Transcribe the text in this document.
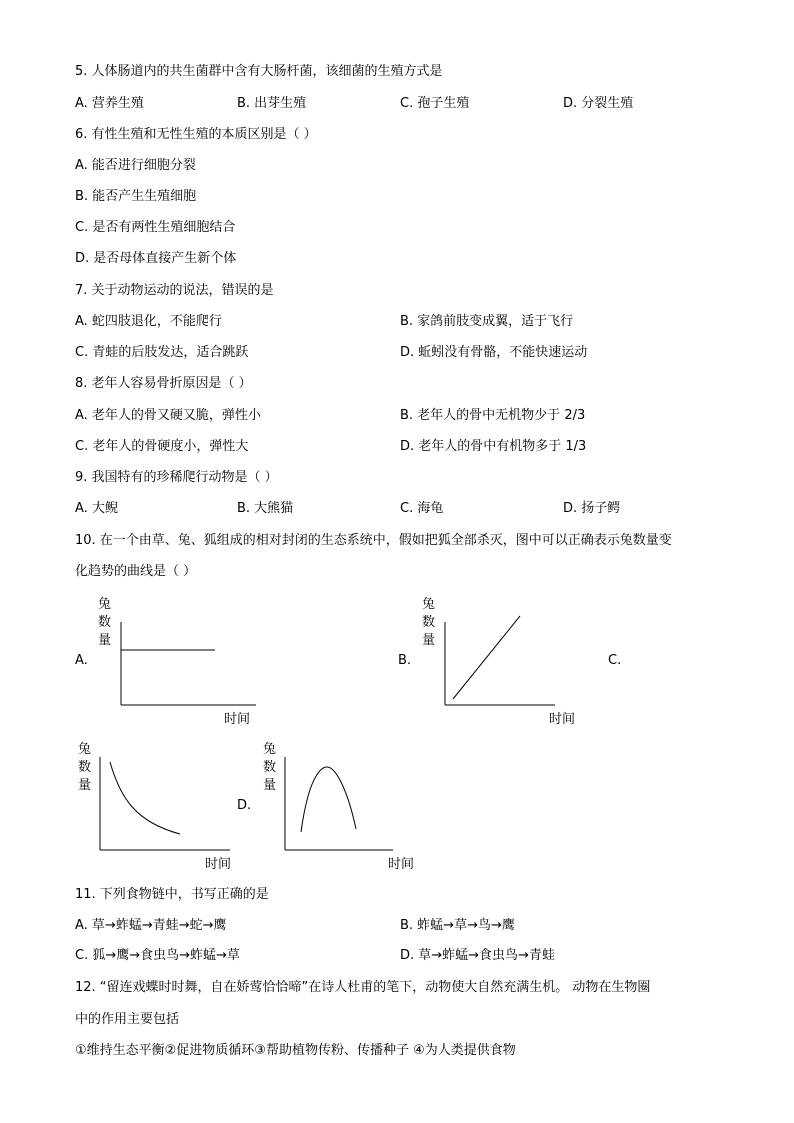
5. 人体肠道内的共生菌群中含有大肠杆菌，该细菌的生殖方式是
A. 营养生殖	B. 出芽生殖	C. 孢子生殖	D. 分裂生殖
6. 有性生殖和无性生殖的本质区别是（ ）
A. 能否进行细胞分裂
B. 能否产生生殖细胞
C. 是否有两性生殖细胞结合
D. 是否母体直接产生新个体
7. 关于动物运动的说法，错误的是
A. 蛇四肢退化，不能爬行	B. 家鸽前肢变成翼，适于飞行
C. 青蛙的后肢发达，适合跳跃	D. 蚯蚓没有骨骼，不能快速运动
8. 老年人容易骨折原因是（ ）
A. 老年人的骨又硬又脆，弹性小	B. 老年人的骨中无机物少于 2/3
C. 老年人的骨硬度小，弹性大	D. 老年人的骨中有机物多于 1/3
9. 我国特有的珍稀爬行动物是（ ）
A. 大鲵	B. 大熊猫	C. 海龟	D. 扬子鳄
10. 在一个由草、兔、狐组成的相对封闭的生态系统中，假如把狐全部杀灭，图中可以正确表示兔数量变
化趋势的曲线是（ ）
A.
兔
数
量
时间
B.
兔
数
量
时间
C.
兔
数
量
时间
D.
兔
数
量
时间
11. 下列食物链中，书写正确的是
A. 草→蚱蜢→青蛙→蛇→鹰	B. 蚱蜢→草→鸟→鹰
C. 狐→鹰→食虫鸟→蚱蜢→草	D. 草→蚱蜢→食虫鸟→青蛙
12. “留连戏蝶时时舞，自在娇莺恰恰啼”在诗人杜甫的笔下，动物使大自然充满生机。 动物在生物圈
中的作用主要包括
①维持生态平衡②促进物质循环③帮助植物传粉、传播种子 ④为人类提供食物
